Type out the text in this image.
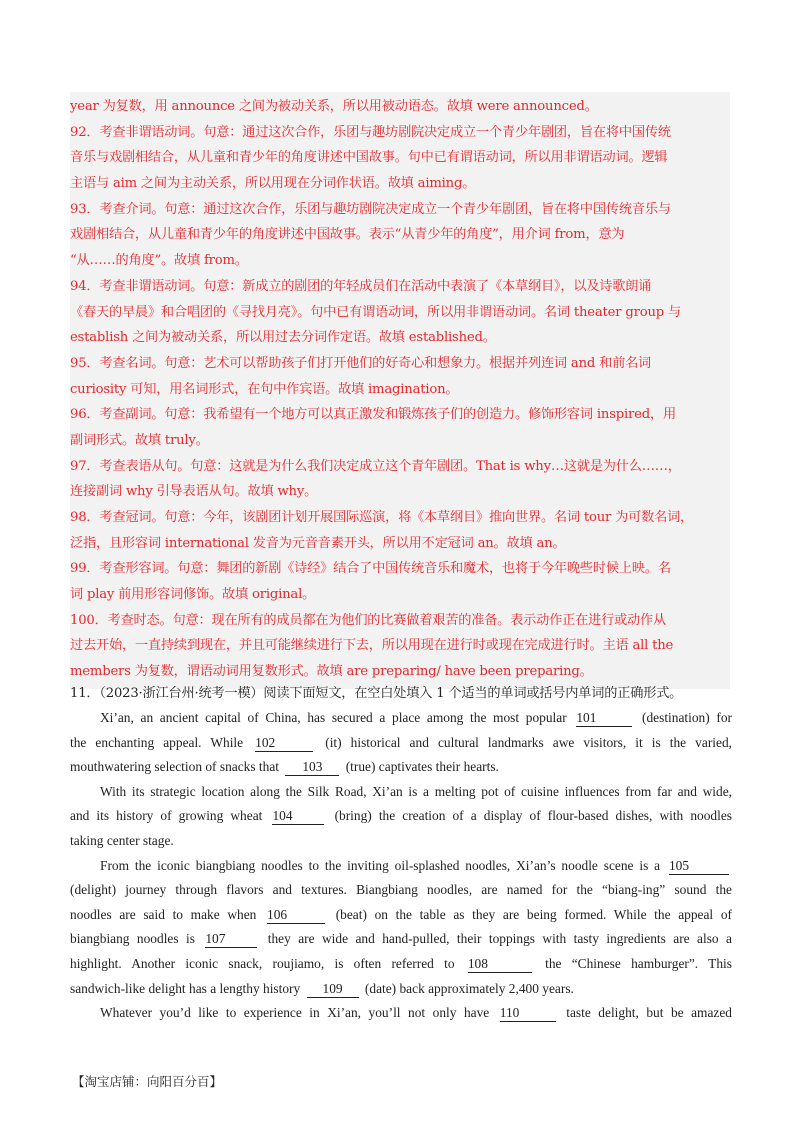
year 为复数，用 announce 之间为被动关系，所以用被动语态。故填 were announced。
92．考查非谓语动词。句意：通过这次合作，乐团与趣坊剧院决定成立一个青少年剧团，旨在将中国传统
音乐与戏剧相结合，从儿童和青少年的角度讲述中国故事。句中已有谓语动词，所以用非谓语动词。逻辑
主语与 aim 之间为主动关系，所以用现在分词作状语。故填 aiming。
93．考查介词。句意：通过这次合作，乐团与趣坊剧院决定成立一个青少年剧团，旨在将中国传统音乐与
戏剧相结合，从儿童和青少年的角度讲述中国故事。表示“从青少年的角度”，用介词 from，意为
“从……的角度”。故填 from。
94．考查非谓语动词。句意：新成立的剧团的年轻成员们在活动中表演了《本草纲目》，以及诗歌朗诵
《春天的早晨》和合唱团的《寻找月亮》。句中已有谓语动词，所以用非谓语动词。名词 theater group 与
establish 之间为被动关系，所以用过去分词作定语。故填 established。
95．考查名词。句意：艺术可以帮助孩子们打开他们的好奇心和想象力。根据并列连词 and 和前名词
curiosity 可知，用名词形式，在句中作宾语。故填 imagination。
96．考查副词。句意：我希望有一个地方可以真正激发和锻炼孩子们的创造力。修饰形容词 inspired，用
副词形式。故填 truly。
97．考查表语从句。句意：这就是为什么我们决定成立这个青年剧团。That is why…这就是为什么……，
连接副词 why 引导表语从句。故填 why。
98．考查冠词。句意：今年，该剧团计划开展国际巡演，将《本草纲目》推向世界。名词 tour 为可数名词，
泛指，且形容词 international 发音为元音音素开头，所以用不定冠词 an。故填 an。
99．考查形容词。句意：舞团的新剧《诗经》结合了中国传统音乐和魔术，也将于今年晚些时候上映。名
词 play 前用形容词修饰。故填 original。
100．考查时态。句意：现在所有的成员都在为他们的比赛做着艰苦的准备。表示动作正在进行或动作从
过去开始，一直持续到现在，并且可能继续进行下去，所以用现在进行时或现在完成进行时。主语 all the
members 为复数，谓语动词用复数形式。故填 are preparing/ have been preparing。
11．（2023·浙江台州·统考一模）阅读下面短文，在空白处填入 1 个适当的单词或括号内单词的正确形式。
Xi’an, an ancient capital of China, has secured a place among the most popular 101	(destination) for
the enchanting appeal. While 102	(it) historical and cultural landmarks awe visitors, it is the varied,
mouthwatering selection of snacks that 103 (true) captivates their hearts.
With its strategic location along the Silk Road, Xi’an is a melting pot of cuisine influences from far and wide,
and its history of growing wheat 104	(bring) the creation of a display of flour-based dishes, with noodles
taking center stage.
From the iconic biangbiang noodles to the inviting oil-splashed noodles, Xi’an’s noodle scene is a 105
(delight) journey through flavors and textures. Biangbiang noodles, are named for the “biang-ing” sound the
noodles are said to make when 106	(beat) on the table as they are being formed. While the appeal of
biangbiang noodles is 107	they are wide and hand-pulled, their toppings with tasty ingredients are also a
highlight. Another iconic snack, roujiamo, is often referred to 108	the “Chinese hamburger”. This
sandwich-like delight has a lengthy history 109 (date) back approximately 2,400 years.
Whatever you’d like to experience in Xi’an, you’ll not only have 110	taste delight, but be amazed
【淘宝店铺：向阳百分百】
